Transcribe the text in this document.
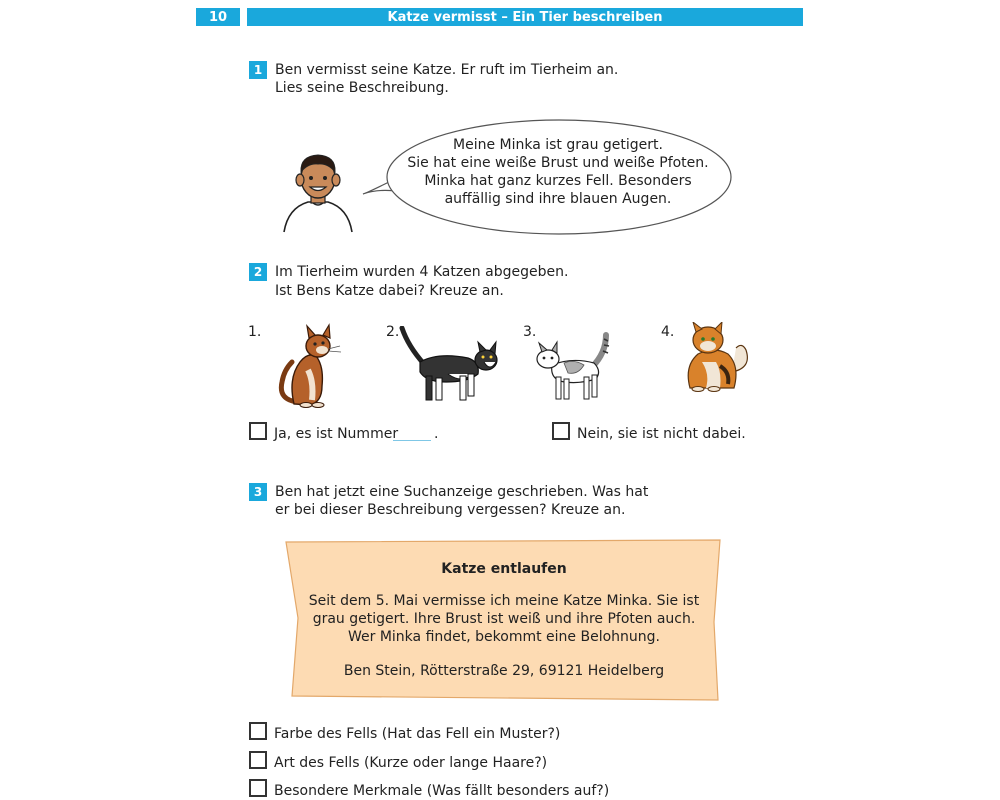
10	Katze vermisst – Ein Tier beschreiben
1 Ben vermisst seine Katze. Er ruft im Tierheim an.
Lies seine Beschreibung.
Meine Minka ist grau getigert.
Sie hat eine weiße Brust und weiße Pfoten.
Minka hat ganz kurzes Fell. Besonders
auffällig sind ihre blauen Augen.
2 Im Tierheim wurden 4 Katzen abgegeben.
Ist Bens Katze dabei? Kreuze an.
1.	2.	3.	4.
Ja, es ist Nummer	.	Nein, sie ist nicht dabei.
3 Ben hat jetzt eine Suchanzeige geschrieben. Was hat
er bei dieser Beschreibung vergessen? Kreuze an.
Katze entlaufen
Seit dem 5. Mai vermisse ich meine Katze Minka. Sie ist
grau getigert. Ihre Brust ist weiß und ihre Pfoten auch.
Wer Minka findet, bekommt eine Belohnung.
Ben Stein, Rötterstraße 29, 69121 Heidelberg
Farbe des Fells (Hat das Fell ein Muster?)
Art des Fells (Kurze oder lange Haare?)
Besondere Merkmale (Was fällt besonders auf?)
